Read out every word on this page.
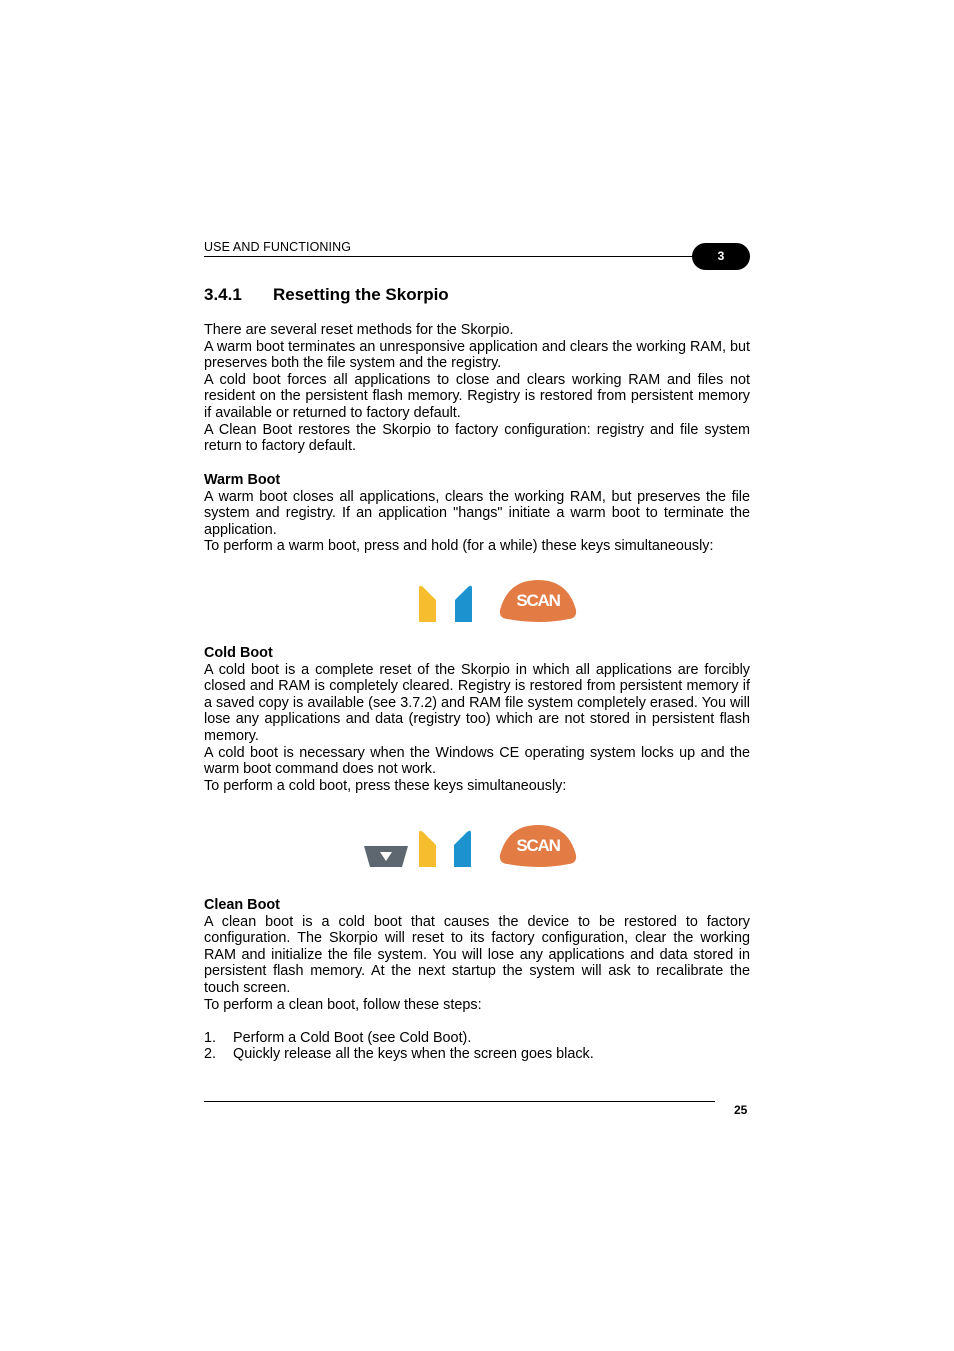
USE AND FUNCTIONING
3
3.4.1 Resetting the Skorpio

There are several reset methods for the Skorpio.

A warm boot terminates an unresponsive application and clears the working RAM, but preserves both the file system and the registry.

A cold boot forces all applications to close and clears working RAM and files not resident on the persistent flash memory. Registry is restored from persistent memory if available or returned to factory default.

A Clean Boot restores the Skorpio to factory configuration: registry and file system return to factory default.

Warm Boot

A warm boot closes all applications, clears the working RAM, but preserves the file system and registry. If an application "hangs" initiate a warm boot to terminate the application.

To perform a warm boot, press and hold (for a while) these keys simultaneously:

SCAN
Cold Boot

A cold boot is a complete reset of the Skorpio in which all applications are forcibly closed and RAM is completely cleared. Registry is restored from persistent memory if a saved copy is available (see 3.7.2) and RAM file system completely erased. You will lose any applications and data (registry too) which are not stored in persistent flash memory.

A cold boot is necessary when the Windows CE operating system locks up and the warm boot command does not work.

To perform a cold boot, press these keys simultaneously:

SCAN
Clean Boot

A clean boot is a cold boot that causes the device to be restored to factory configuration. The Skorpio will reset to its factory configuration, clear the working RAM and initialize the file system. You will lose any applications and data stored in persistent flash memory. At the next startup the system will ask to recalibrate the touch screen.

To perform a clean boot, follow these steps:

1.	Perform a Cold Boot (see Cold Boot).
2.	Quickly release all the keys when the screen goes black.
25
